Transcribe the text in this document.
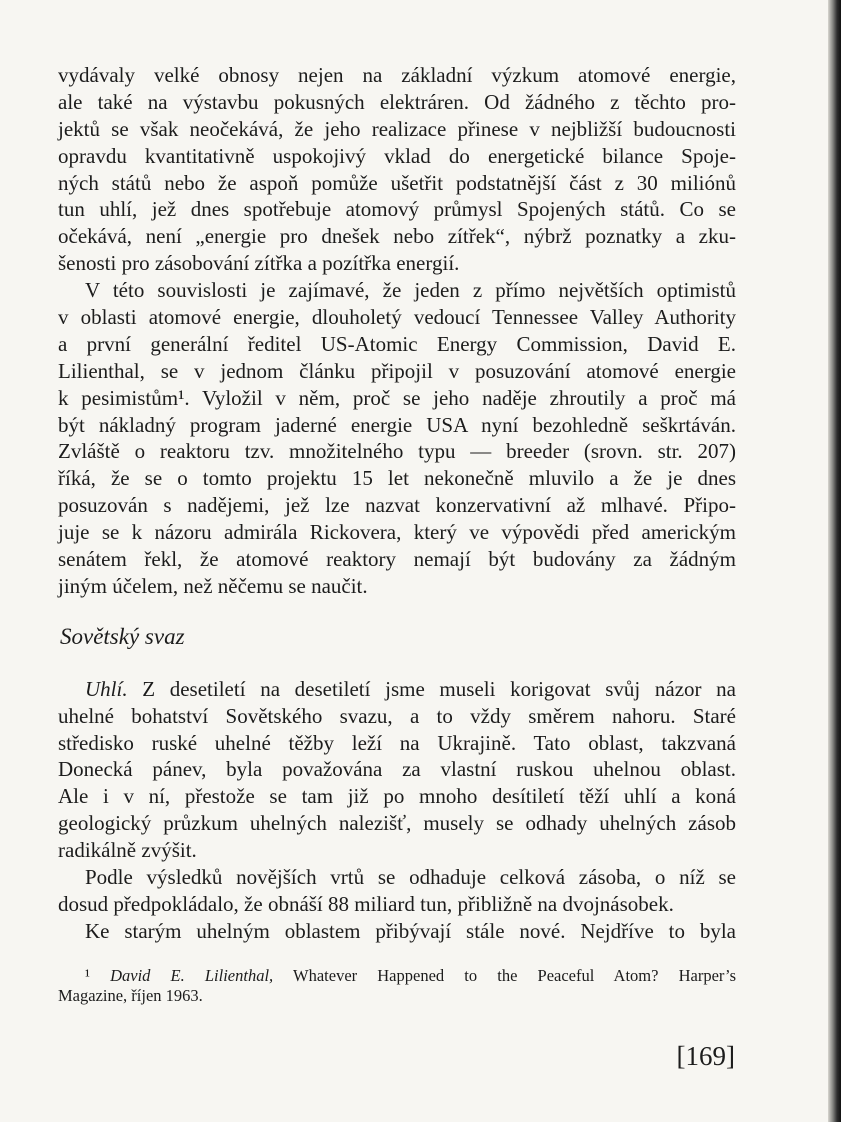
vydávaly velké obnosy nejen na základní výzkum atomové energie,
ale také na výstavbu pokusných elektráren. Od žádného z těchto pro-
jektů se však neočekává, že jeho realizace přinese v nejbližší budoucnosti
opravdu kvantitativně uspokojivý vklad do energetické bilance Spoje-
ných států nebo že aspoň pomůže ušetřit podstatnější část z 30 miliónů
tun uhlí, jež dnes spotřebuje atomový průmysl Spojených států. Co se
očekává, není „energie pro dnešek nebo zítřek“, nýbrž poznatky a zku-
šenosti pro zásobování zítřka a pozítřka energií.
V této souvislosti je zajímavé, že jeden z přímo největších optimistů
v oblasti atomové energie, dlouholetý vedoucí Tennessee Valley Authority
a první generální ředitel US-Atomic Energy Commission, David E.
Lilienthal, se v jednom článku připojil v posuzování atomové energie
k pesimistům¹. Vyložil v něm, proč se jeho naděje zhroutily a proč má
být nákladný program jaderné energie USA nyní bezohledně seškrtáván.
Zvláště o reaktoru tzv. množitelného typu — breeder (srovn. str. 207)
říká, že se o tomto projektu 15 let nekonečně mluvilo a že je dnes
posuzován s nadějemi, jež lze nazvat konzervativní až mlhavé. Připo-
juje se k názoru admirála Rickovera, který ve výpovědi před americkým
senátem řekl, že atomové reaktory nemají být budovány za žádným
jiným účelem, než něčemu se naučit.
Sovětský svaz
Uhlí. Z desetiletí na desetiletí jsme museli korigovat svůj názor na
uhelné bohatství Sovětského svazu, a to vždy směrem nahoru. Staré
středisko ruské uhelné těžby leží na Ukrajině. Tato oblast, takzvaná
Donecká pánev, byla považována za vlastní ruskou uhelnou oblast.
Ale i v ní, přestože se tam již po mnoho desítiletí těží uhlí a koná
geologický průzkum uhelných nalezišť, musely se odhady uhelných zásob
radikálně zvýšit.
Podle výsledků novějších vrtů se odhaduje celková zásoba, o níž se
dosud předpokládalo, že obnáší 88 miliard tun, přibližně na dvojnásobek.
Ke starým uhelným oblastem přibývají stále nové. Nejdříve to byla
¹ David E. Lilienthal, Whatever Happened to the Peaceful Atom? Harper’s
Magazine, říjen 1963.
[169]
